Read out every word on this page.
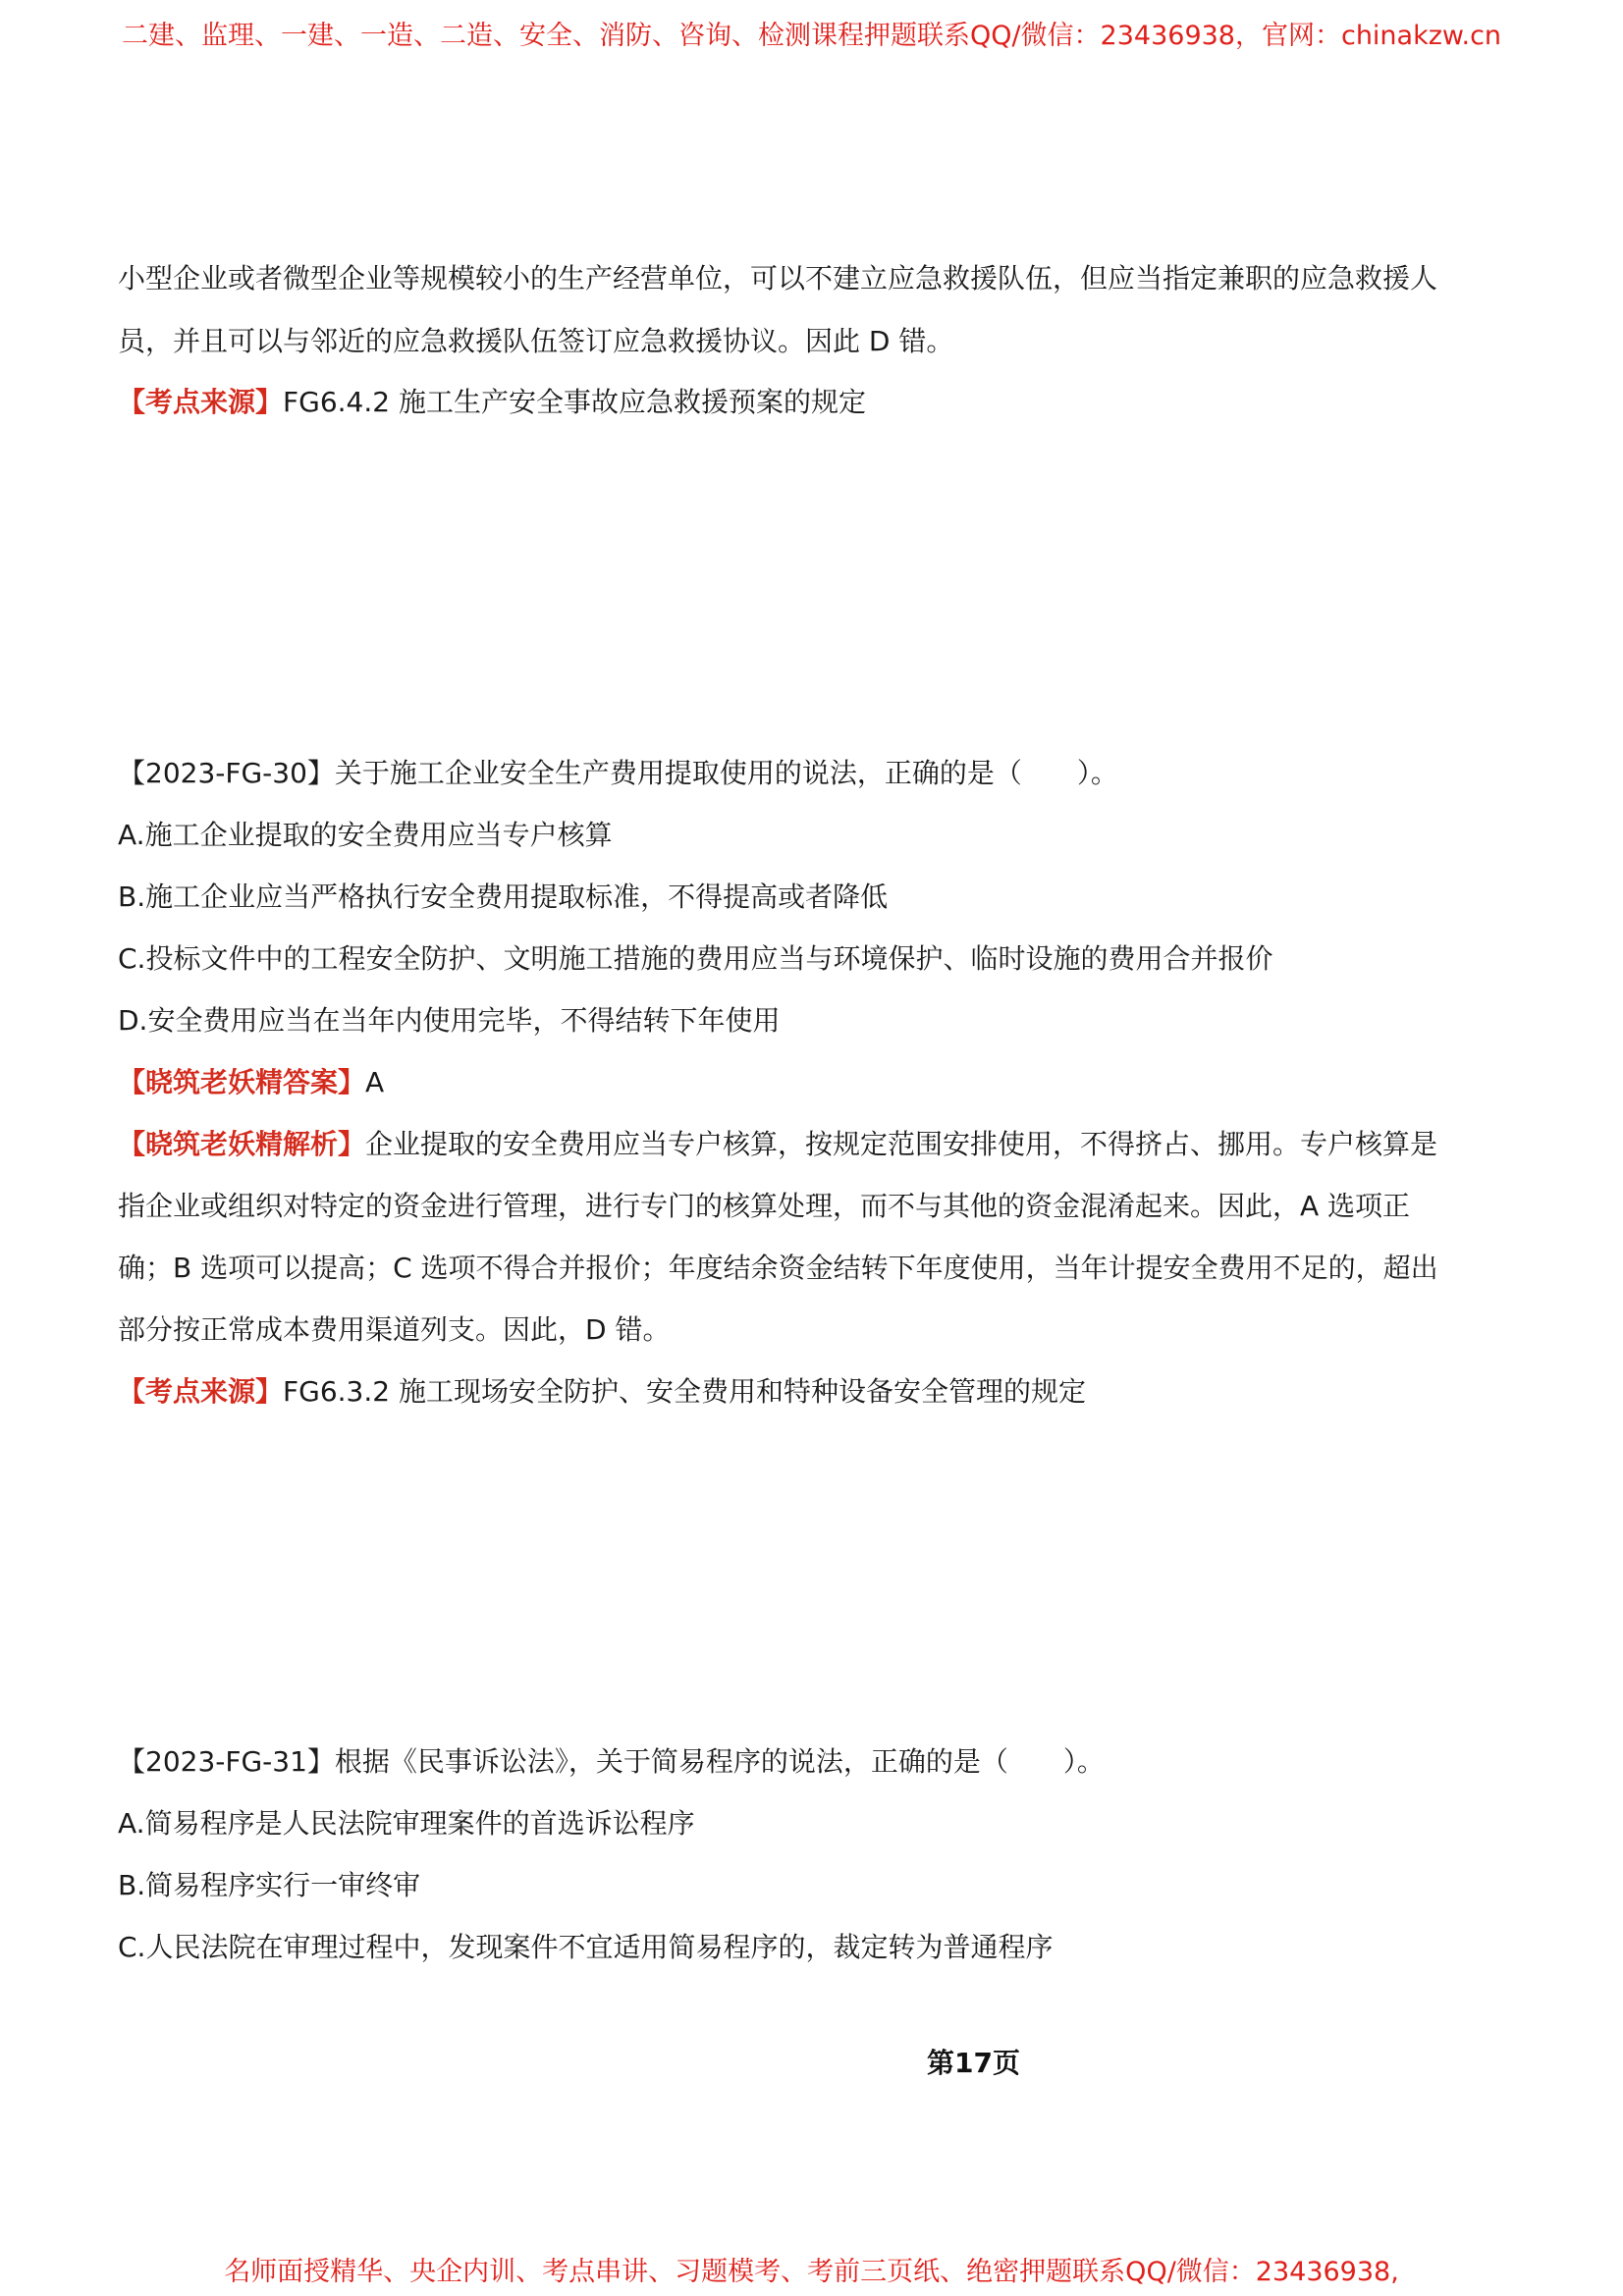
二建、监理、一建、一造、二造、安全、消防、咨询、检测课程押题联系QQ/微信：23436938，官网：chinakzw.cn
小型企业或者微型企业等规模较小的生产经营单位，可以不建立应急救援队伍，但应当指定兼职的应急救援人
员，并且可以与邻近的应急救援队伍签订应急救援协议。因此 D 错。
【考点来源】FG6.4.2 施工生产安全事故应急救援预案的规定
【2023-FG-30】关于施工企业安全生产费用提取使用的说法，正确的是（　　）。
A.施工企业提取的安全费用应当专户核算
B.施工企业应当严格执行安全费用提取标准，不得提高或者降低
C.投标文件中的工程安全防护、文明施工措施的费用应当与环境保护、临时设施的费用合并报价
D.安全费用应当在当年内使用完毕，不得结转下年使用
【晓筑老妖精答案】A
【晓筑老妖精解析】企业提取的安全费用应当专户核算，按规定范围安排使用，不得挤占、挪用。专户核算是
指企业或组织对特定的资金进行管理，进行专门的核算处理，而不与其他的资金混淆起来。因此，A 选项正
确；B 选项可以提高；C 选项不得合并报价；年度结余资金结转下年度使用，当年计提安全费用不足的，超出
部分按正常成本费用渠道列支。因此，D 错。
【考点来源】FG6.3.2 施工现场安全防护、安全费用和特种设备安全管理的规定
【2023-FG-31】根据《民事诉讼法》，关于简易程序的说法，正确的是（　　）。
A.简易程序是人民法院审理案件的首选诉讼程序
B.简易程序实行一审终审
C.人民法院在审理过程中，发现案件不宜适用简易程序的，裁定转为普通程序
第17页
名师面授精华、央企内训、考点串讲、习题模考、考前三页纸、绝密押题联系QQ/微信：23436938,
